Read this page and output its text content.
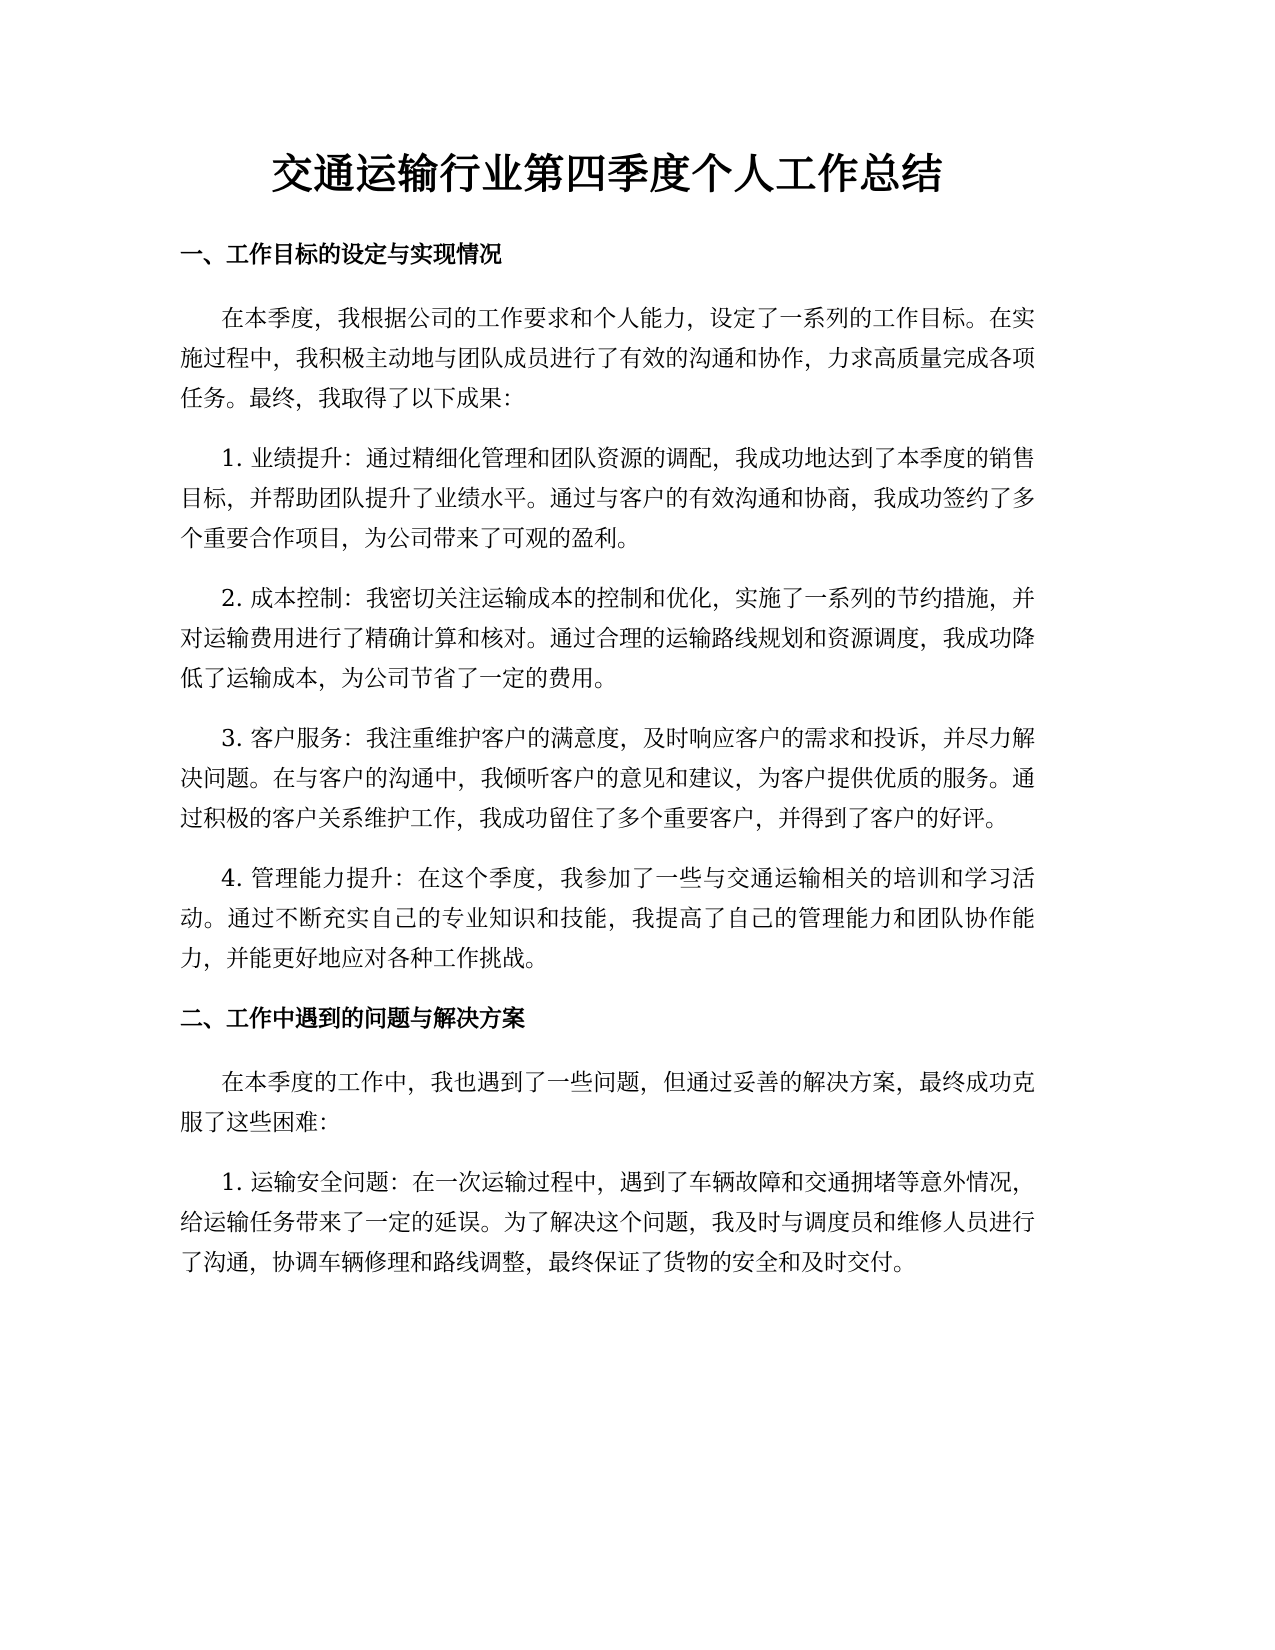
交通运输行业第四季度个人工作总结
一、工作目标的设定与实现情况

在本季度，我根据公司的工作要求和个人能力，设定了一系列的工作目标。在实施过程中，我积极主动地与团队成员进行了有效的沟通和协作，力求高质量完成各项任务。最终，我取得了以下成果：

1. 业绩提升：通过精细化管理和团队资源的调配，我成功地达到了本季度的销售目标，并帮助团队提升了业绩水平。通过与客户的有效沟通和协商，我成功签约了多个重要合作项目，为公司带来了可观的盈利。

2. 成本控制：我密切关注运输成本的控制和优化，实施了一系列的节约措施，并对运输费用进行了精确计算和核对。通过合理的运输路线规划和资源调度，我成功降低了运输成本，为公司节省了一定的费用。

3. 客户服务：我注重维护客户的满意度，及时响应客户的需求和投诉，并尽力解决问题。在与客户的沟通中，我倾听客户的意见和建议，为客户提供优质的服务。通过积极的客户关系维护工作，我成功留住了多个重要客户，并得到了客户的好评。

4. 管理能力提升：在这个季度，我参加了一些与交通运输相关的培训和学习活动。通过不断充实自己的专业知识和技能，我提高了自己的管理能力和团队协作能力，并能更好地应对各种工作挑战。

二、工作中遇到的问题与解决方案

在本季度的工作中，我也遇到了一些问题，但通过妥善的解决方案，最终成功克服了这些困难：

1. 运输安全问题：在一次运输过程中，遇到了车辆故障和交通拥堵等意外情况，给运输任务带来了一定的延误。为了解决这个问题，我及时与调度员和维修人员进行了沟通，协调车辆修理和路线调整，最终保证了货物的安全和及时交付。
